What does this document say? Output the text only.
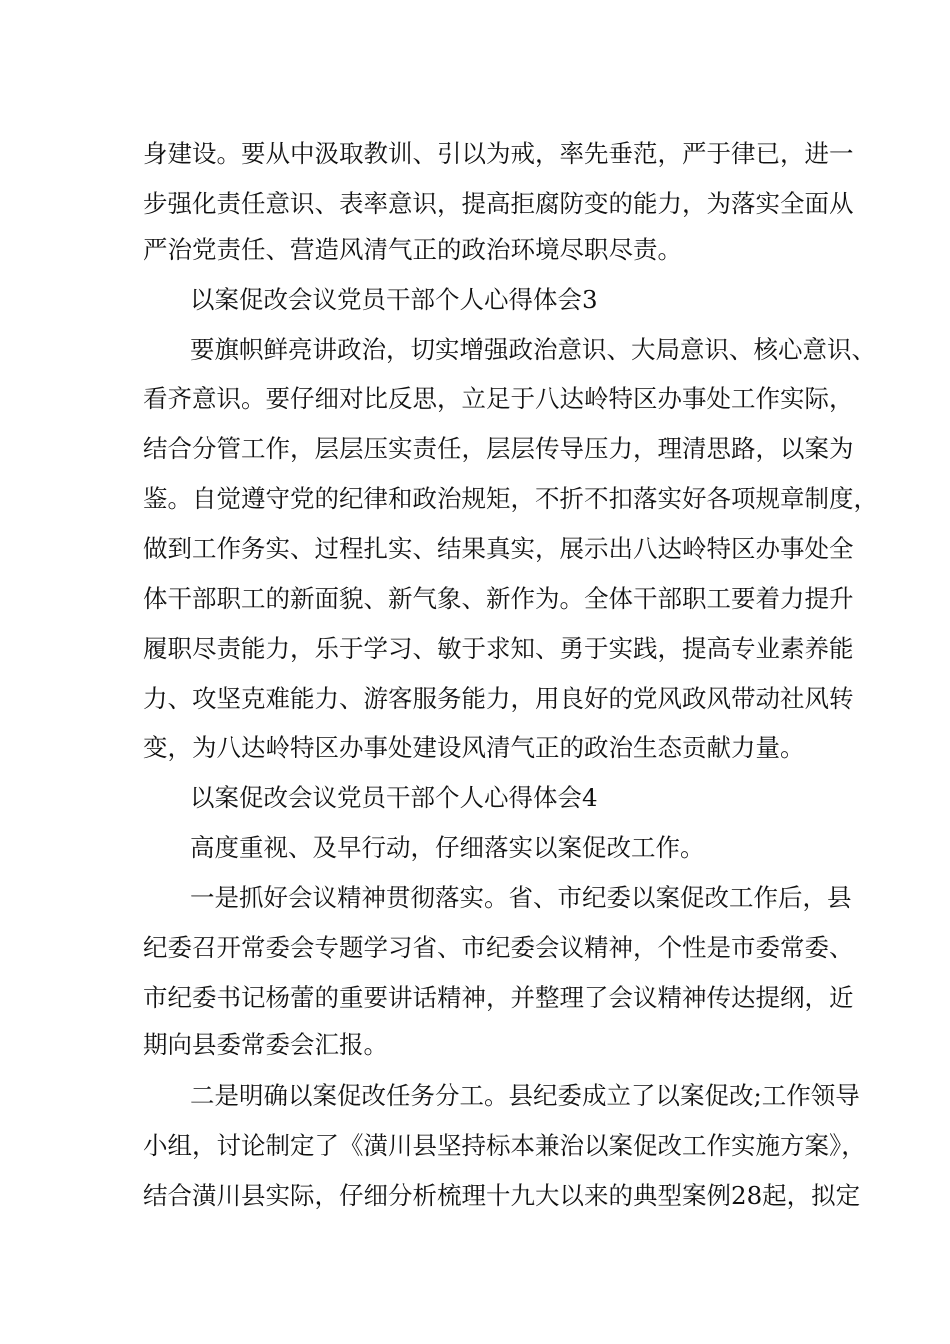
身建设。要从中汲取教训、引以为戒，率先垂范，严于律已，进一
步强化责任意识、表率意识，提高拒腐防变的能力，为落实全面从
严治党责任、营造风清气正的政治环境尽职尽责。
以案促改会议党员干部个人心得体会3
要旗帜鲜亮讲政治，切实增强政治意识、大局意识、核心意识、
看齐意识。要仔细对比反思，立足于八达岭特区办事处工作实际，
结合分管工作，层层压实责任，层层传导压力，理清思路，以案为
鉴。自觉遵守党的纪律和政治规矩，不折不扣落实好各项规章制度，
做到工作务实、过程扎实、结果真实，展示出八达岭特区办事处全
体干部职工的新面貌、新气象、新作为。全体干部职工要着力提升
履职尽责能力，乐于学习、敏于求知、勇于实践，提高专业素养能
力、攻坚克难能力、游客服务能力，用良好的党风政风带动社风转
变，为八达岭特区办事处建设风清气正的政治生态贡献力量。
以案促改会议党员干部个人心得体会4
高度重视、及早行动，仔细落实以案促改工作。
一是抓好会议精神贯彻落实。省、市纪委以案促改工作后，县
纪委召开常委会专题学习省、市纪委会议精神，个性是市委常委、
市纪委书记杨蕾的重要讲话精神，并整理了会议精神传达提纲，近
期向县委常委会汇报。
二是明确以案促改任务分工。县纪委成立了以案促改;工作领导
小组，讨论制定了《潢川县坚持标本兼治以案促改工作实施方案》，
结合潢川县实际，仔细分析梳理十九大以来的典型案例28起，拟定
